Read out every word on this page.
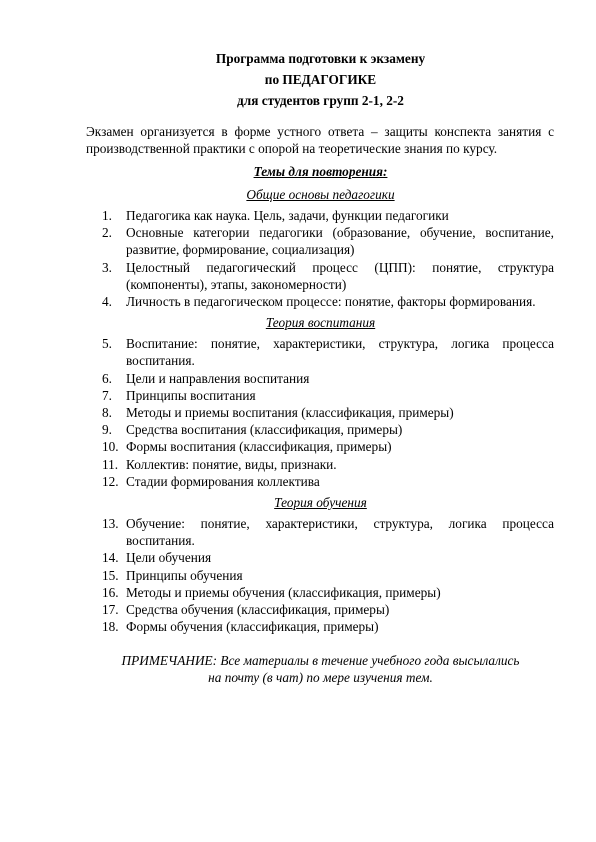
Программа подготовки к экзамену
по ПЕДАГОГИКЕ
для студентов групп 2-1, 2-2
Экзамен организуется в форме устного ответа – защиты конспекта занятия с производственной практики с опорой на теоретические знания по курсу.
Темы для повторения:
Общие основы педагогики
1.	Педагогика как наука. Цель, задачи, функции педагогики
2.	Основные категории педагогики (образование, обучение, воспитание, развитие, формирование, социализация)
3.	Целостный педагогический процесс (ЦПП): понятие, структура (компоненты), этапы, закономерности)
4.	Личность в педагогическом процессе: понятие, факторы формирования.
Теория воспитания
5.	Воспитание: понятие, характеристики, структура, логика процесса воспитания.
6.	Цели и направления воспитания
7.	Принципы воспитания
8.	Методы и приемы воспитания (классификация, примеры)
9.	Средства воспитания (классификация, примеры)
10. Формы воспитания (классификация, примеры)
11. Коллектив: понятие, виды, признаки.
12. Стадии формирования коллектива
Теория обучения
13. Обучение: понятие, характеристики, структура, логика процесса воспитания.
14. Цели обучения
15. Принципы обучения
16. Методы и приемы обучения (классификация, примеры)
17. Средства обучения (классификация, примеры)
18. Формы обучения (классификация, примеры)
ПРИМЕЧАНИЕ: Все материалы в течение учебного года высылались
на почту (в чат) по мере изучения тем.
